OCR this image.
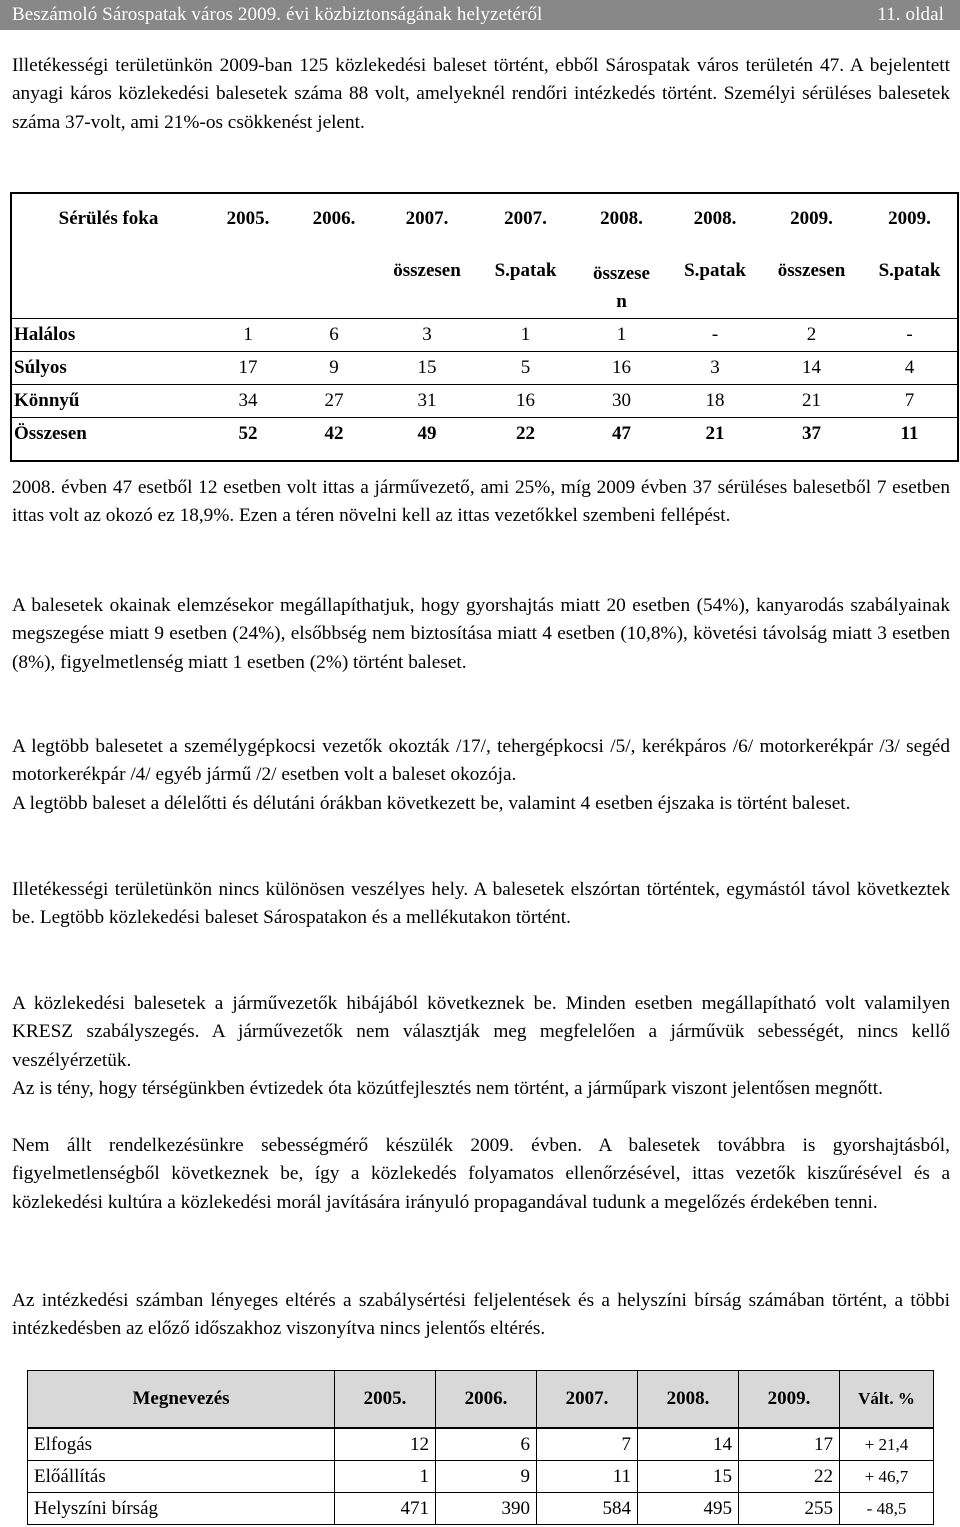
Beszámoló Sárospatak város 2009. évi közbiztonságának helyzetéről	11. oldal

Illetékességi területünkön 2009-ban 125 közlekedési baleset történt, ebből Sárospatak város területén 47. A bejelentett anyagi káros közlekedési balesetek száma 88 volt, amelyeknél rendőri intézkedés történt. Személyi sérüléses balesetek száma 37-volt, ami 21%-os csökkenést jelent.

Sérülés foka	2005.	2006.	2007.	2007.	2008.	2008.	2009.	2009.
			összesen	S.patak	összese n	S.patak	összesen	S.patak
Halálos	1	6	3	1	1	-	2	-
Súlyos	17	9	15	5	16	3	14	4
Könnyű	34	27	31	16	30	18	21	7
Összesen	52	42	49	22	47	21	37	11

2008. évben 47 esetből 12 esetben volt ittas a járművezető, ami 25%, míg 2009 évben 37 sérüléses balesetből 7 esetben ittas volt az okozó ez 18,9%. Ezen a téren növelni kell az ittas vezetőkkel szembeni fellépést.

A balesetek okainak elemzésekor megállapíthatjuk, hogy gyorshajtás miatt 20 esetben (54%), kanyarodás szabályainak megszegése miatt 9 esetben (24%), elsőbbség nem biztosítása miatt 4 esetben (10,8%), követési távolság miatt 3 esetben (8%), figyelmetlenség miatt 1 esetben (2%) történt baleset.

A legtöbb balesetet a személygépkocsi vezetők okozták /17/, tehergépkocsi /5/, kerékpáros /6/ motorkerékpár /3/ segéd motorkerékpár /4/ egyéb jármű /2/ esetben volt a baleset okozója.

A legtöbb baleset a délelőtti és délutáni órákban következett be, valamint 4 esetben éjszaka is történt baleset.

Illetékességi területünkön nincs különösen veszélyes hely. A balesetek elszórtan történtek, egymástól távol következtek be. Legtöbb közlekedési baleset Sárospatakon és a mellékutakon történt.

A közlekedési balesetek a járművezetők hibájából következnek be. Minden esetben megállapítható volt valamilyen KRESZ szabályszegés. A járművezetők nem választják meg megfelelően a járművük sebességét, nincs kellő veszélyérzetük.

Az is tény, hogy térségünkben évtizedek óta közútfejlesztés nem történt, a járműpark viszont jelentősen megnőtt.

Nem állt rendelkezésünkre sebességmérő készülék 2009. évben. A balesetek továbbra is gyorshajtásból, figyelmetlenségből következnek be, így a közlekedés folyamatos ellenőrzésével, ittas vezetők kiszűrésével és a közlekedési kultúra a közlekedési morál javítására irányuló propagandával tudunk a megelőzés érdekében tenni.

Az intézkedési számban lényeges eltérés a szabálysértési feljelentések és a helyszíni bírság számában történt, a többi intézkedésben az előző időszakhoz viszonyítva nincs jelentős eltérés.

Megnevezés	2005.	2006.	2007.	2008.	2009.	Vált. %
Elfogás	12	6	7	14	17	+ 21,4
Előállítás	1	9	11	15	22	+ 46,7
Helyszíni bírság	471	390	584	495	255	- 48,5
